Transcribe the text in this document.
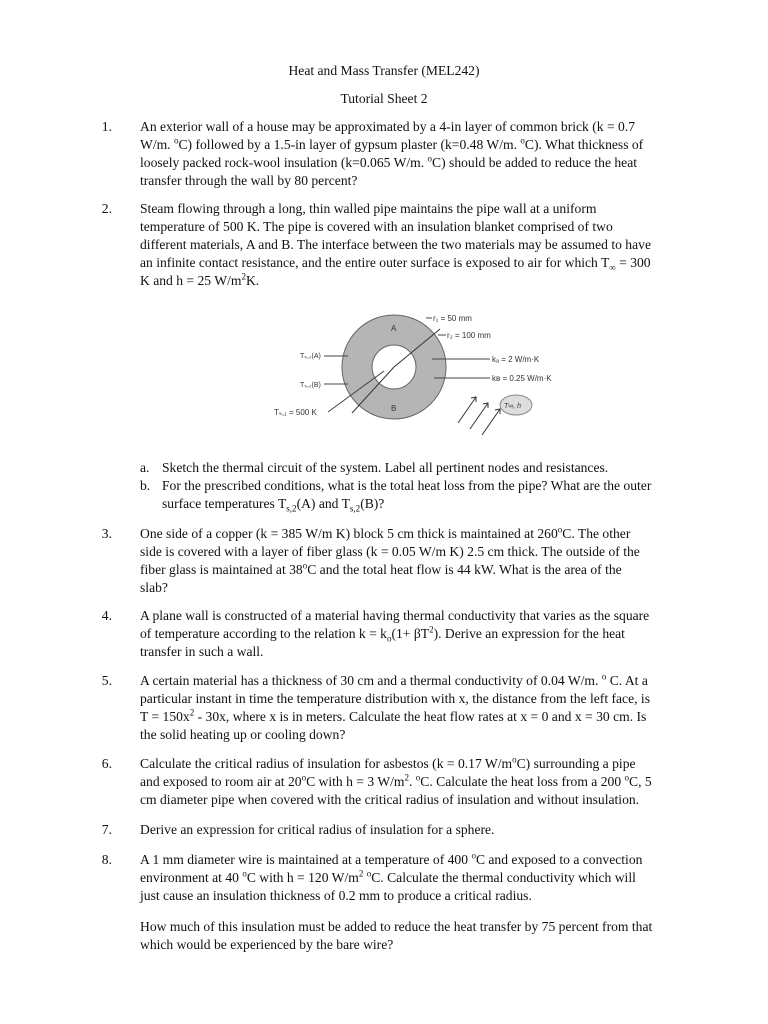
Heat and Mass Transfer (MEL242)
Tutorial Sheet 2
1. An exterior wall of a house may be approximated by a 4-in layer of common brick (k = 0.7
W/m. $^o$C) followed by a 1.5-in layer of gypsum plaster (k=0.48 W/m. $^o$C). What thickness of
loosely packed rock-wool insulation (k=0.065 W/m. $^o$C) should be added to reduce the heat
transfer through the wall by 80 percent?
2. Steam flowing through a long, thin walled pipe maintains the pipe wall at a uniform
temperature of 500 K. The pipe is covered with an insulation blanket comprised of two
different materials, A and B. The interface between the two materials may be assumed to have
an infinite contact resistance, and the entire outer surface is exposed to air for which $T_\infty = 300$
K and h = 25 $W/m^2K$.
A
B
r₁ = 50 mm
r₂ = 100 mm
kₐ = 2 W/m·K
kʙ = 0.25 W/m·K
Tₛ,₂(A)
Tₛ,₂(B)
Tₛ,₁ = 500 K
T∞, h
a. Sketch the thermal circuit of the system. Label all pertinent nodes and resistances.
b. For the prescribed conditions, what is the total heat loss from the pipe? What are the outer
surface temperatures $T_{s,2}(A)$ and $T_{s,2}(B)$?
3. One side of a copper (k = 385 W/m K) block 5 cm thick is maintained at 260$^o$C. The other
side is covered with a layer of fiber glass (k = 0.05 W/m K) 2.5 cm thick. The outside of the
fiber glass is maintained at 38$^o$C and the total heat flow is 44 kW. What is the area of the
slab?
4. A plane wall is constructed of a material having thermal conductivity that varies as the square
of temperature according to the relation $k = k_o(1+ \beta T^2)$. Derive an expression for the heat
transfer in such a wall.
5. A certain material has a thickness of 30 cm and a thermal conductivity of 0.04 W/m. $^o$ C. At a
particular instant in time the temperature distribution with x, the distance from the left face, is
$T = 150x^2 - 30x$, where x is in meters. Calculate the heat flow rates at x = 0 and x = 30 cm. Is
the solid heating up or cooling down?
6. Calculate the critical radius of insulation for asbestos (k = 0.17 $W/m^oC$) surrounding a pipe
and exposed to room air at 20$^o$C with h = 3 $W/m^2$. $^o$C. Calculate the heat loss from a 200 $^o$C, 5
cm diameter pipe when covered with the critical radius of insulation and without insulation.
7. Derive an expression for critical radius of insulation for a sphere.
8. A 1 mm diameter wire is maintained at a temperature of 400 $^o$C and exposed to a convection
environment at 40 $^o$C with h = 120 $W/m^2$ $^o$C. Calculate the thermal conductivity which will
just cause an insulation thickness of 0.2 mm to produce a critical radius.
How much of this insulation must be added to reduce the heat transfer by 75 percent from that
which would be experienced by the bare wire?
